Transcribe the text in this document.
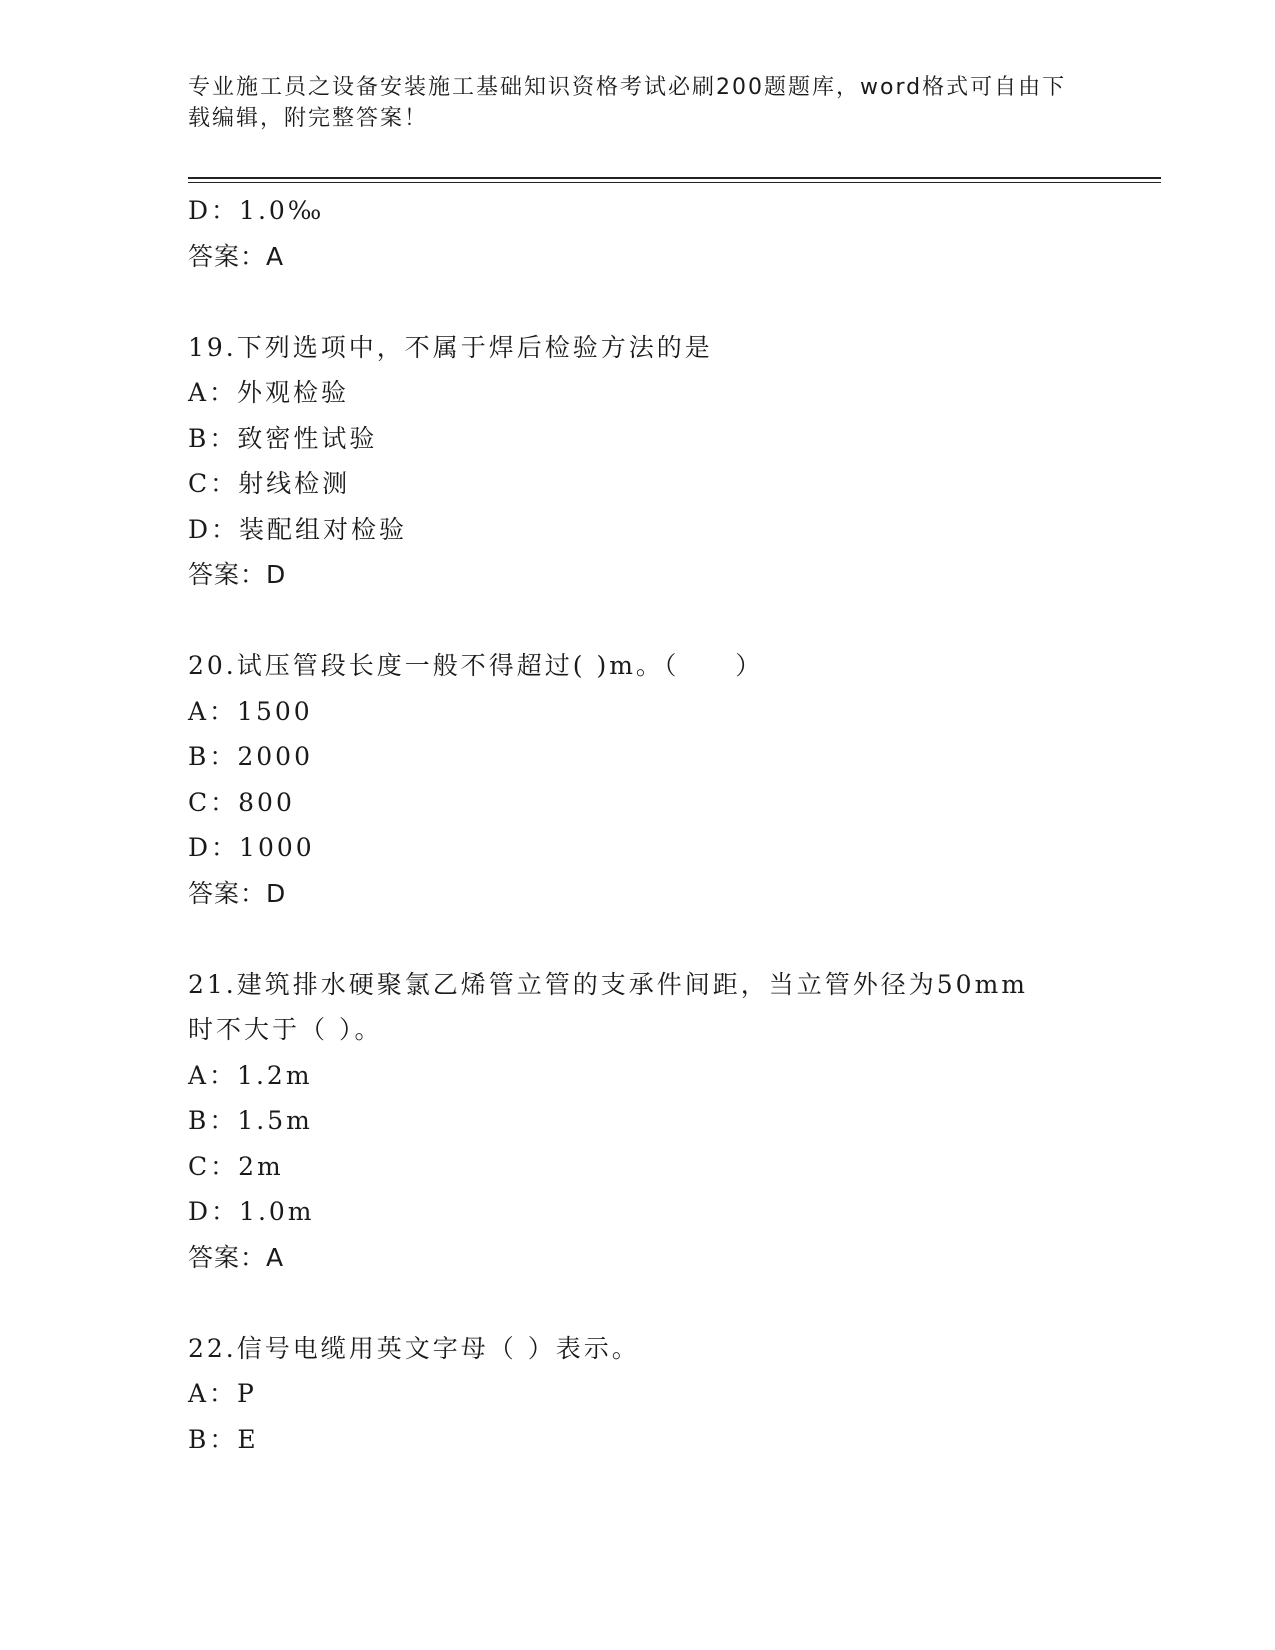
专业施工员之设备安装施工基础知识资格考试必刷200题题库，word格式可自由下载编辑，附完整答案！
D：1.0‰
答案：A
19.下列选项中，不属于焊后检验方法的是
A：外观检验
B：致密性试验
C：射线检测
D：装配组对检验
答案：D
20.试压管段长度一般不得超过( )m。（　　）
A：1500
B：2000
C：800
D：1000
答案：D
21.建筑排水硬聚氯乙烯管立管的支承件间距，当立管外径为50mm时不大于（ ）。
A：1.2m
B：1.5m
C：2m
D：1.0m
答案：A
22.信号电缆用英文字母（ ）表示。
A：P
B：E
